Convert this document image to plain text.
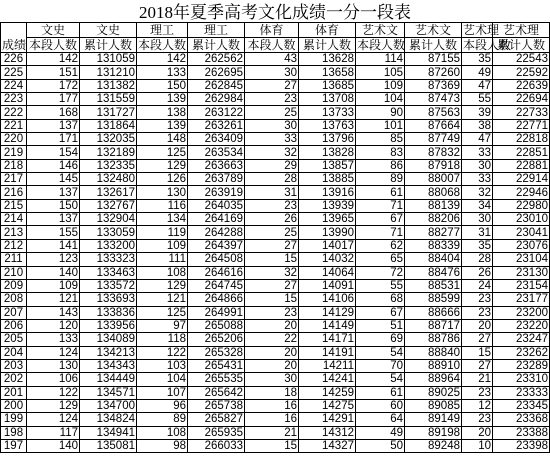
2018年夏季高考文化成绩一分一段表
成绩	文史	文史	理工	理工	体育	体育	艺术文	艺术文	艺术理	艺术理
	本段人数	累计人数	本段人数	累计人数	本段人数	累计人数	本段人数	累计人数	本段人数	累计人数
226	142	131059	142	262562	43	13628	114	87155	35	22543
225	151	131210	133	262695	30	13658	105	87260	49	22592
224	172	131382	150	262845	27	13685	109	87369	47	22639
223	177	131559	139	262984	23	13708	104	87473	55	22694
222	168	131727	138	263122	25	13733	90	87563	39	22733
221	137	131864	139	263261	30	13763	101	87664	38	22771
220	171	132035	148	263409	33	13796	85	87749	47	22818
219	154	132189	125	263534	32	13828	83	87832	33	22851
218	146	132335	129	263663	29	13857	86	87918	30	22881
217	145	132480	126	263789	28	13885	89	88007	33	22914
216	137	132617	130	263919	31	13916	61	88068	32	22946
215	150	132767	116	264035	23	13939	71	88139	34	22980
214	137	132904	134	264169	26	13965	67	88206	30	23010
213	155	133059	119	264288	25	13990	71	88277	31	23041
212	141	133200	109	264397	27	14017	62	88339	35	23076
211	123	133323	111	264508	15	14032	65	88404	28	23104
210	140	133463	108	264616	32	14064	72	88476	26	23130
209	109	133572	129	264745	27	14091	55	88531	24	23154
208	121	133693	121	264866	15	14106	68	88599	23	23177
207	143	133836	125	264991	23	14129	67	88666	23	23200
206	120	133956	97	265088	20	14149	51	88717	20	23220
205	133	134089	118	265206	22	14171	69	88786	27	23247
204	124	134213	122	265328	20	14191	54	88840	15	23262
203	130	134343	103	265431	20	14211	70	88910	27	23289
202	106	134449	104	265535	30	14241	54	88964	21	23310
201	122	134571	107	265642	18	14259	61	89025	23	23333
200	129	134700	96	265738	16	14275	60	89085	12	23345
199	124	134824	89	265827	16	14291	64	89149	23	23368
198	117	134941	108	265935	21	14312	49	89198	20	23388
197	140	135081	98	266033	15	14327	50	89248	10	23398
